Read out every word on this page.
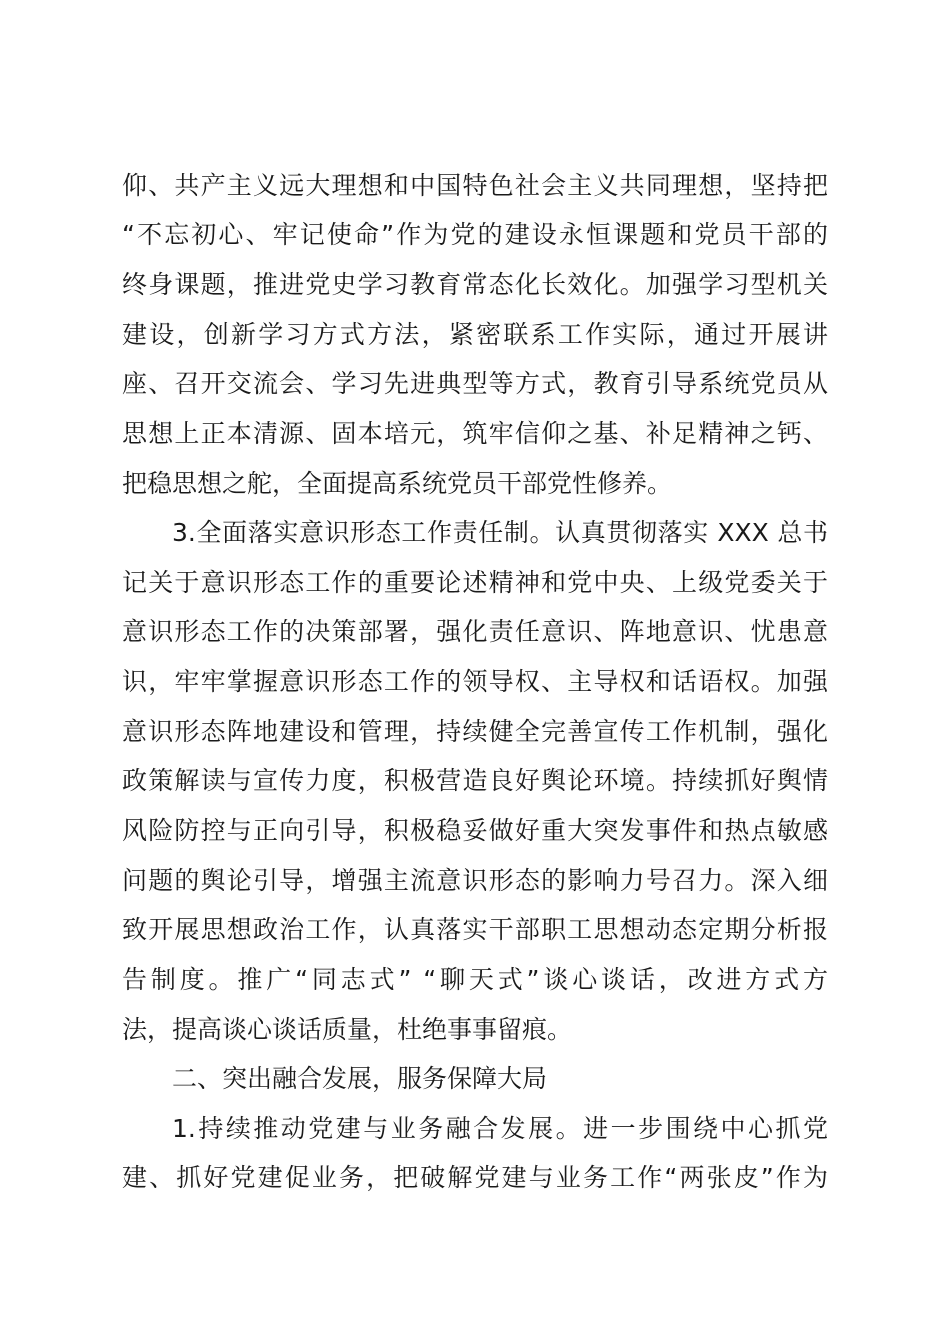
仰、共产主义远大理想和中国特色社会主义共同理想，坚持把

“不忘初心、牢记使命”作为党的建设永恒课题和党员干部的

终身课题，推进党史学习教育常态化长效化。加强学习型机关

建设，创新学习方式方法，紧密联系工作实际，通过开展讲

座、召开交流会、学习先进典型等方式，教育引导系统党员从

思想上正本清源、固本培元，筑牢信仰之基、补足精神之钙、

把稳思想之舵，全面提高系统党员干部党性修养。

3.全面落实意识形态工作责任制。认真贯彻落实 XXX 总书

记关于意识形态工作的重要论述精神和党中央、上级党委关于

意识形态工作的决策部署，强化责任意识、阵地意识、忧患意

识，牢牢掌握意识形态工作的领导权、主导权和话语权。加强

意识形态阵地建设和管理，持续健全完善宣传工作机制，强化

政策解读与宣传力度，积极营造良好舆论环境。持续抓好舆情

风险防控与正向引导，积极稳妥做好重大突发事件和热点敏感

问题的舆论引导，增强主流意识形态的影响力号召力。深入细

致开展思想政治工作，认真落实干部职工思想动态定期分析报

告制度。推广“同志式” “聊天式”谈心谈话，改进方式方

法，提高谈心谈话质量，杜绝事事留痕。

二、突出融合发展，服务保障大局

1.持续推动党建与业务融合发展。进一步围绕中心抓党

建、抓好党建促业务，把破解党建与业务工作“两张皮”作为
